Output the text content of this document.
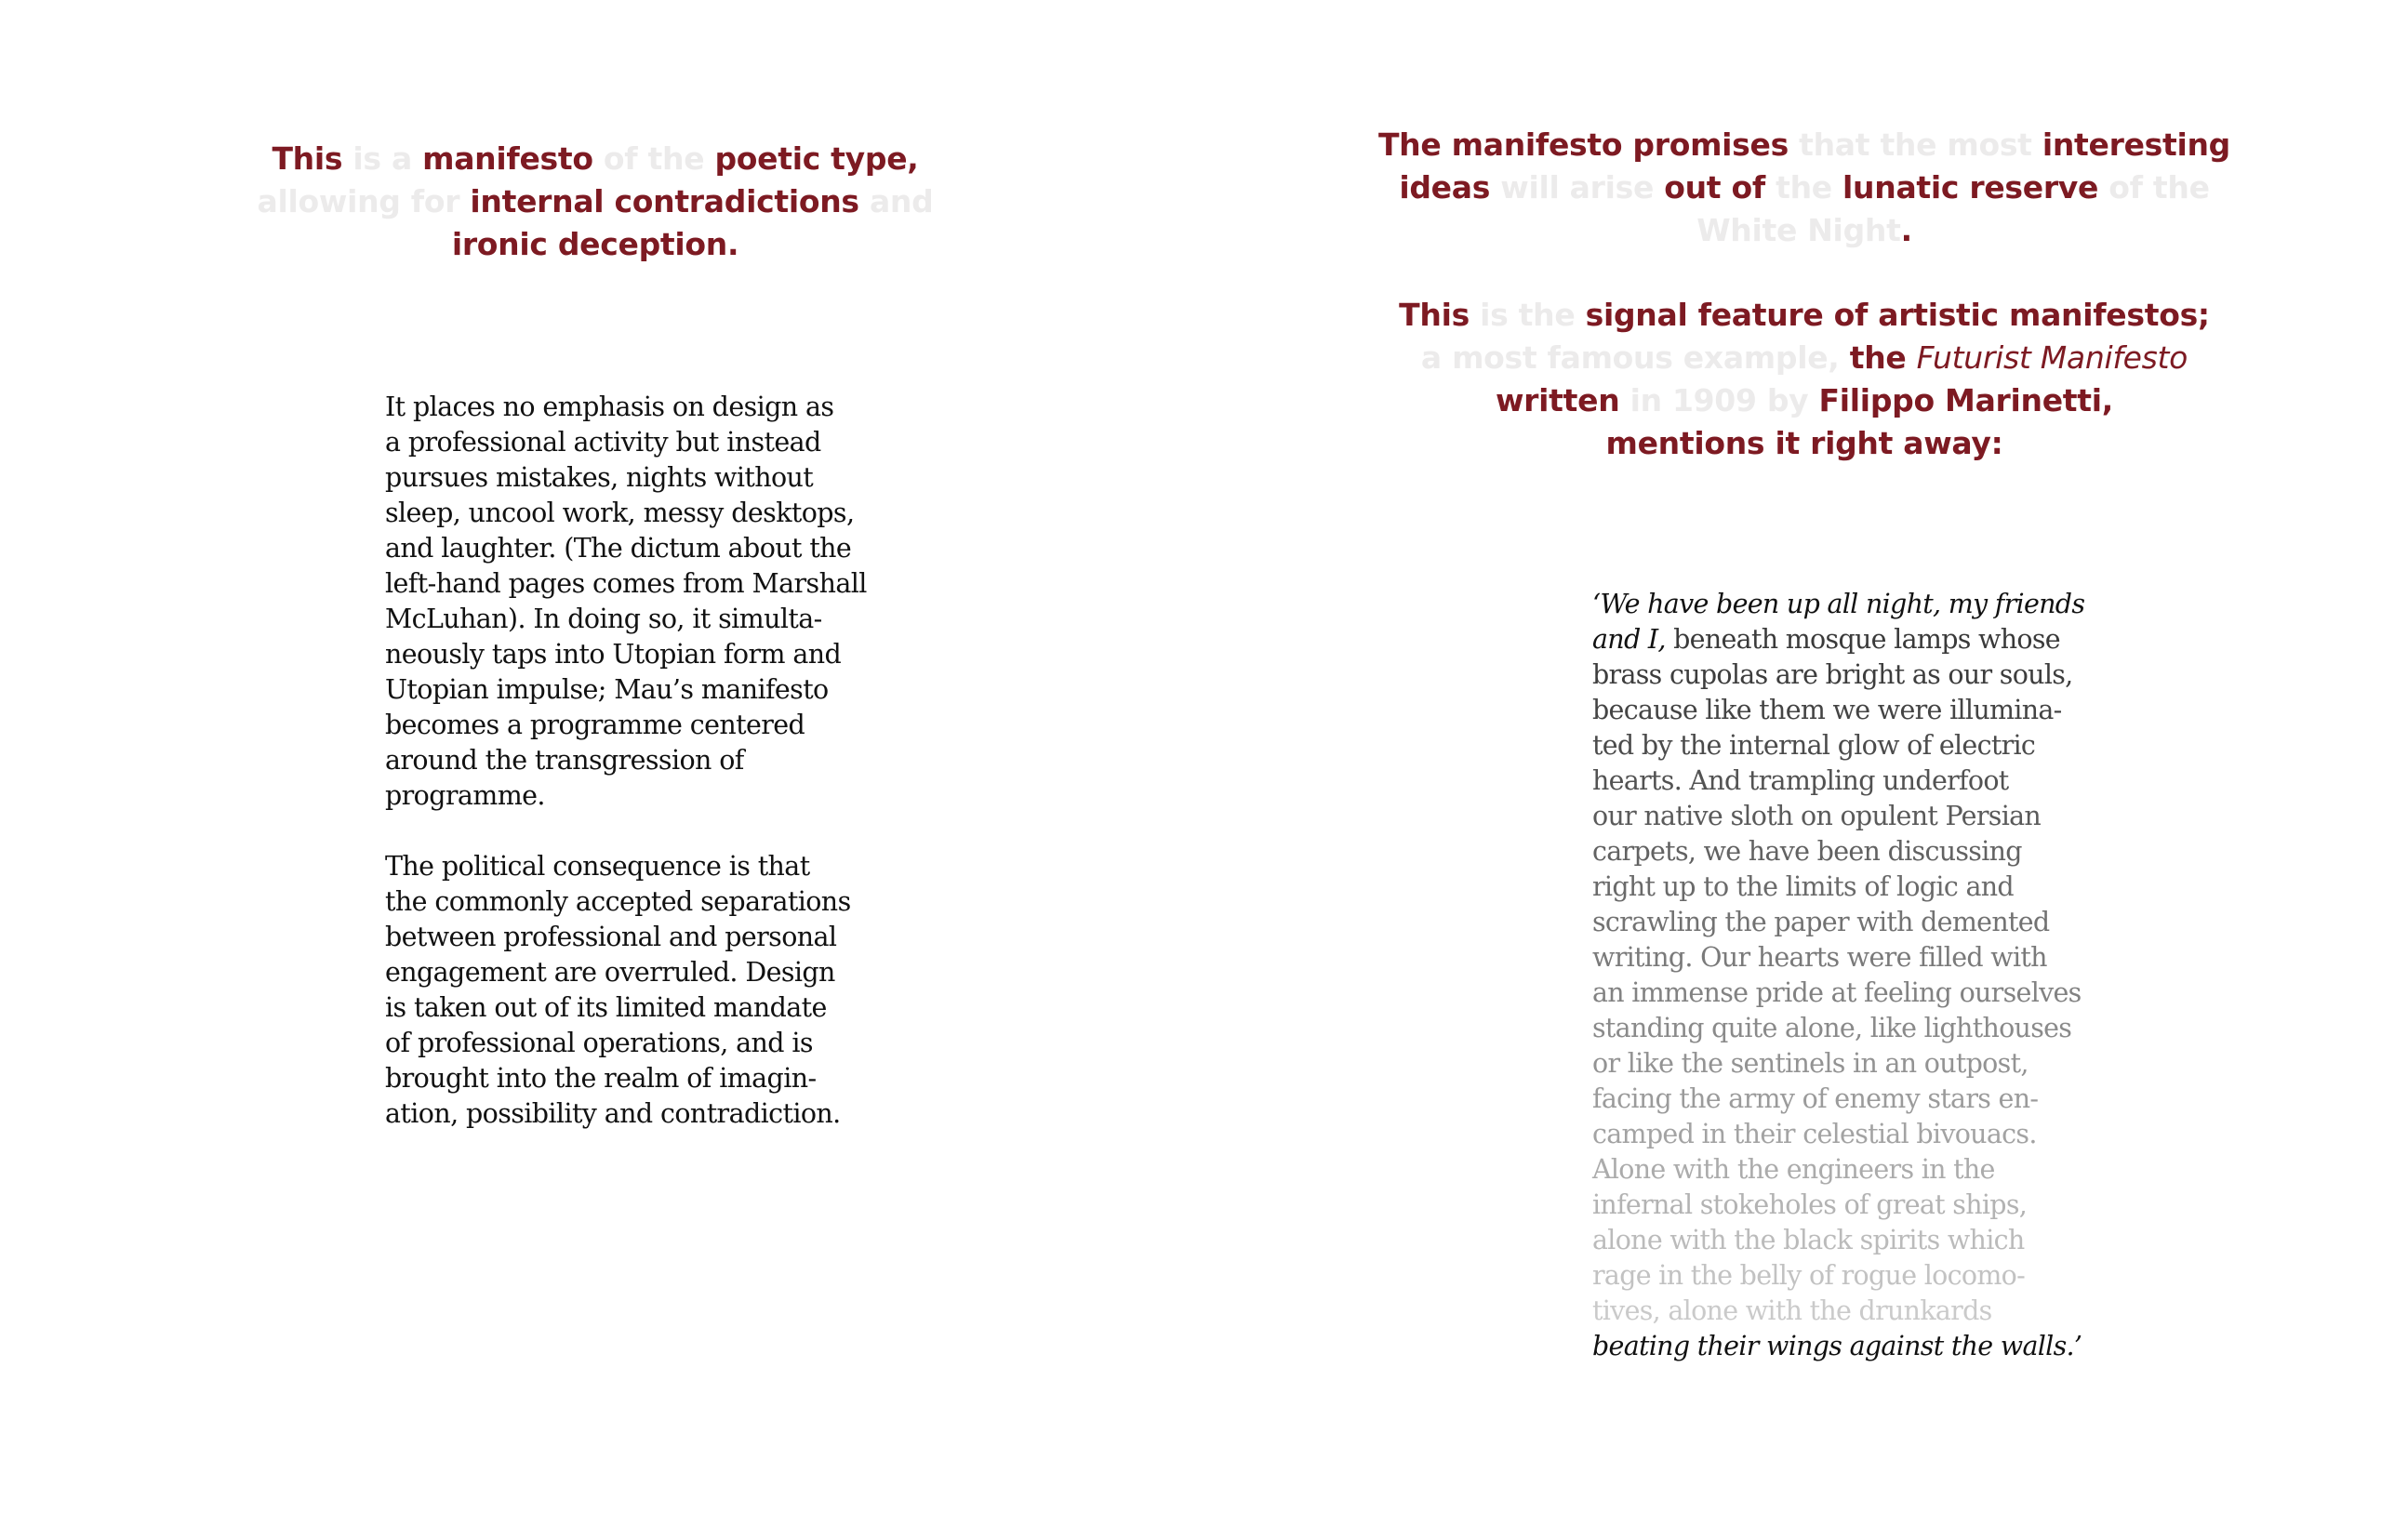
This is a manifesto of the poetic type,
allowing for internal contradictions and
ironic deception.

It places no emphasis on design as
a professional activity but instead
pursues mistakes, nights without
sleep, uncool work, messy desktops,
and laughter. (The dictum about the
left-hand pages comes from Marshall
McLuhan). In doing so, it simulta-
neously taps into Utopian form and
Utopian impulse; Mau’s manifesto
becomes a programme centered
around the transgression of
programme.

The political consequence is that
the commonly accepted separations
between professional and personal
engagement are overruled. Design
is taken out of its limited mandate
of professional operations, and is
brought into the realm of imagin-
ation, possibility and contradiction.

The manifesto promises that the most interesting
ideas will arise out of the lunatic reserve of the
White Night.
This is the signal feature of artistic manifestos;
a most famous example, the Futurist Manifesto
written in 1909 by Filippo Marinetti,
mentions it right away:
‘We have been up all night, my friends
and I, beneath mosque lamps whose
brass cupolas are bright as our souls,
because like them we were illumina-
ted by the internal glow of electric
hearts. And trampling underfoot
our native sloth on opulent Persian
carpets, we have been discussing
right up to the limits of logic and
scrawling the paper with demented
writing. Our hearts were filled with
an immense pride at feeling ourselves
standing quite alone, like lighthouses
or like the sentinels in an outpost,
facing the army of enemy stars en-
camped in their celestial bivouacs.
Alone with the engineers in the
infernal stokeholes of great ships,
alone with the black spirits which
rage in the belly of rogue locomo-
tives, alone with the drunkards
beating their wings against the walls.’
